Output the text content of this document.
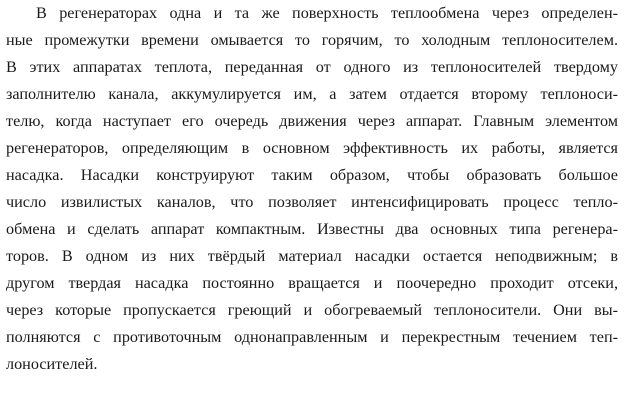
В регенераторах одна и та же поверхность теплообмена через определен-
ные промежутки времени омывается то горячим, то холодным теплоносителем.
В этих аппаратах теплота, переданная от одного из теплоносителей твердому
заполнителю канала, аккумулируется им, а затем отдается второму теплоноси-
телю, когда наступает его очередь движения через аппарат. Главным элементом
регенераторов, определяющим в основном эффективность их работы, является
насадка. Насадки конструируют таким образом, чтобы образовать большое
число извилистых каналов, что позволяет интенсифицировать процесс тепло-
обмена и сделать аппарат компактным. Известны два основных типа регенера-
торов. В одном из них твёрдый материал насадки остается неподвижным; в
другом твердая насадка постоянно вращается и поочередно проходит отсеки,
через которые пропускается греющий и обогреваемый теплоносители. Они вы-
полняются с противоточным однонаправленным и перекрестным течением теп-
лоносителей.
